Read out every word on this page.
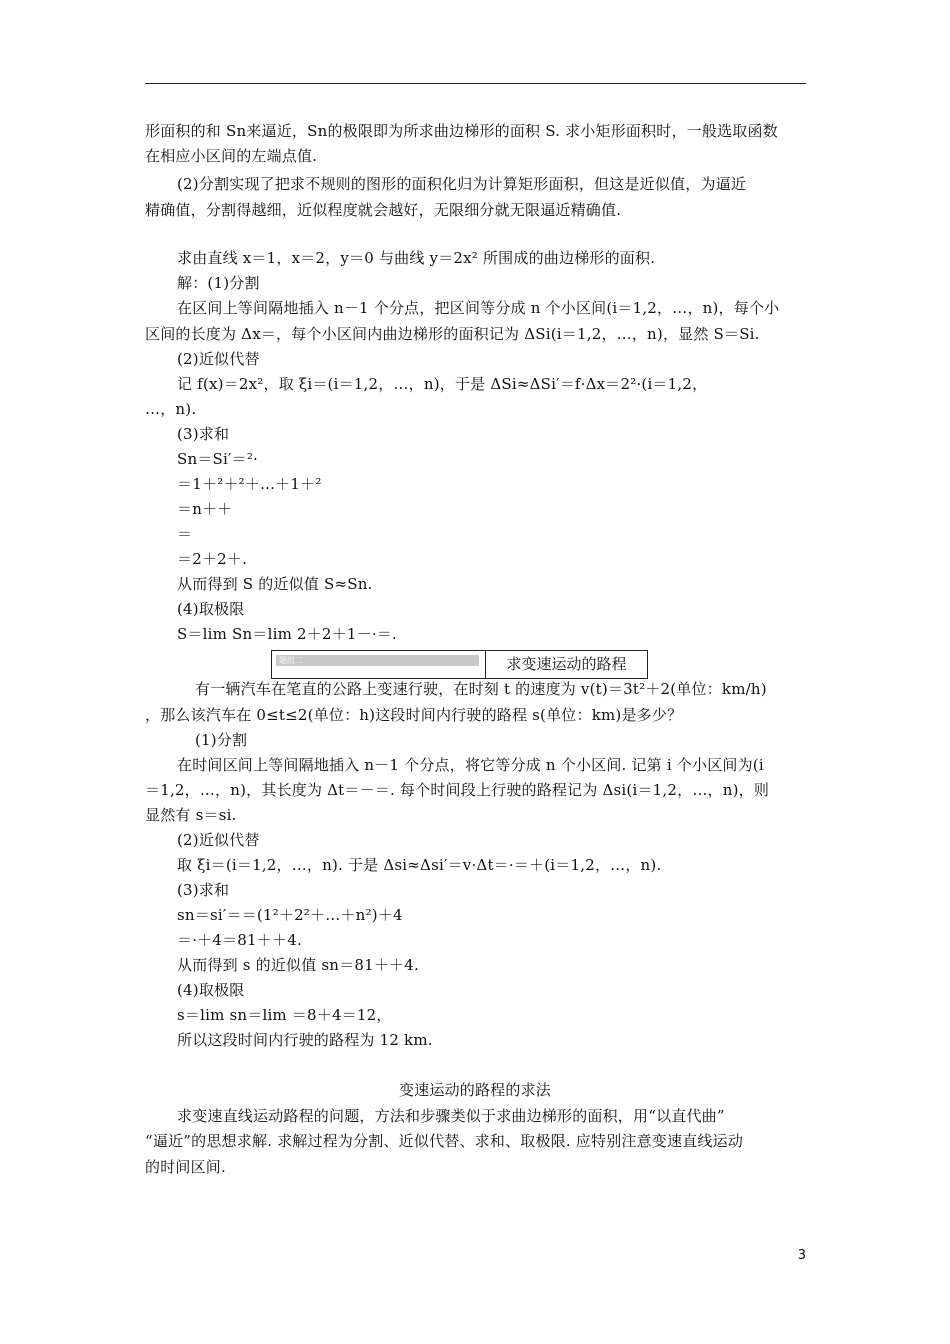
形面积的和 Sn来逼近，Sn的极限即为所求曲边梯形的面积 S. 求小矩形面积时，一般选取函数
在相应小区间的左端点值.
(2)分割实现了把求不规则的图形的面积化归为计算矩形面积，但这是近似值，为逼近
精确值，分割得越细，近似程度就会越好，无限细分就无限逼近精确值.
求由直线 x＝1，x＝2，y＝0 与曲线 y＝2x² 所围成的曲边梯形的面积.
解：(1)分割
在区间上等间隔地插入 n－1 个分点，把区间等分成 n 个小区间(i＝1,2，…，n)，每个小
区间的长度为 Δx＝，每个小区间内曲边梯形的面积记为 ΔSi(i＝1,2，…，n)，显然 S＝Si.
(2)近似代替
记 f(x)＝2x²，取 ξi＝(i＝1,2，…，n)，于是 ΔSi≈ΔSi′＝f·Δx＝2²·(i＝1,2，
…，n).
(3)求和
Sn＝Si′＝²·
＝1＋²＋²＋…＋1＋²
＝n＋＋
＝
＝2＋2＋.
从而得到 S 的近似值 S≈Sn.
(4)取极限
S＝lim Sn＝lim 2＋2＋1－·＝.
题组二	求变速运动的路程
有一辆汽车在笔直的公路上变速行驶，在时刻 t 的速度为 v(t)＝3t²＋2(单位：km/h)
，那么该汽车在 0≤t≤2(单位：h)这段时间内行驶的路程 s(单位：km)是多少？
(1)分割
在时间区间上等间隔地插入 n－1 个分点，将它等分成 n 个小区间. 记第 i 个小区间为(i
＝1,2，…，n)，其长度为 Δt＝－＝. 每个时间段上行驶的路程记为 Δsi(i＝1,2，…，n)，则
显然有 s＝si.
(2)近似代替
取 ξi＝(i＝1,2，…，n). 于是 Δsi≈Δsi′＝v·Δt＝·＝＋(i＝1,2，…，n).
(3)求和
sn＝si′＝＝(1²＋2²＋…＋n²)＋4
＝·＋4＝81＋＋4.
从而得到 s 的近似值 sn＝81＋＋4.
(4)取极限
s＝lim sn＝lim ＝8＋4＝12，
所以这段时间内行驶的路程为 12 km.
变速运动的路程的求法
求变速直线运动路程的问题，方法和步骤类似于求曲边梯形的面积，用“以直代曲”
“逼近”的思想求解. 求解过程为分割、近似代替、求和、取极限. 应特别注意变速直线运动
的时间区间.
3
